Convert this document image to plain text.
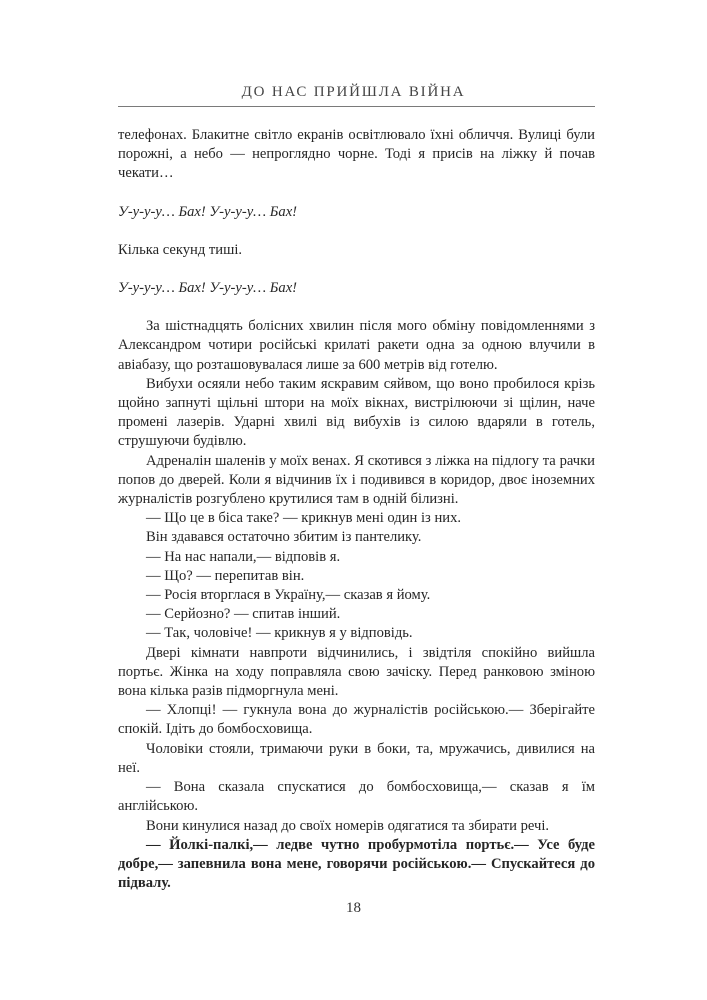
ДО НАС ПРИЙШЛА ВІЙНА

телефонах. Блакитне світло екранів освітлювало їхні обличчя. Вулиці були порожні, а небо — непроглядно чорне. Тоді я присів на ліжку й почав чекати…

У-у-у-у… Бах! У-у-у-у… Бах!

Кілька секунд тиші.

У-у-у-у… Бах! У-у-у-у… Бах!

За шістнадцять болісних хвилин після мого обміну повідомленнями з Александром чотири російські крилаті ракети одна за одною влучили в авіабазу, що розташовувалася лише за 600 метрів від готелю.

Вибухи осяяли небо таким яскравим сяйвом, що воно пробилося крізь щойно запнуті щільні штори на моїх вікнах, вистрілюючи зі щілин, наче промені лазерів. Ударні хвилі від вибухів із силою вдаряли в готель, струшуючи будівлю.

Адреналін шаленів у моїх венах. Я скотився з ліжка на підлогу та рачки попов до дверей. Коли я відчинив їх і подивився в коридор, двоє іноземних журналістів розгублено крутилися там в одній білизні.

— Що це в біса таке? — крикнув мені один із них.

Він здавався остаточно збитим із пантелику.

— На нас напали,— відповів я.

— Що? — перепитав він.

— Росія вторглася в Україну,— сказав я йому.

— Серйозно? — спитав інший.

— Так, чоловіче! — крикнув я у відповідь.

Двері кімнати навпроти відчинились, і звідтіля спокійно вийшла портьє. Жінка на ходу поправляла свою зачіску. Перед ранковою зміною вона кілька разів підморгнула мені.

— Хлопці! — гукнула вона до журналістів російською.— Зберігайте спокій. Ідіть до бомбосховища.

Чоловіки стояли, тримаючи руки в боки, та, мружачись, дивилися на неї.

— Вона сказала спускатися до бомбосховища,— сказав я їм англійською.

Вони кинулися назад до своїх номерів одягатися та збирати речі.

— Йолкі-палкі,— ледве чутно пробурмотіла портьє.— Усе буде добре,— запевнила вона мене, говорячи російською.— Спускайтеся до підвалу.

18
